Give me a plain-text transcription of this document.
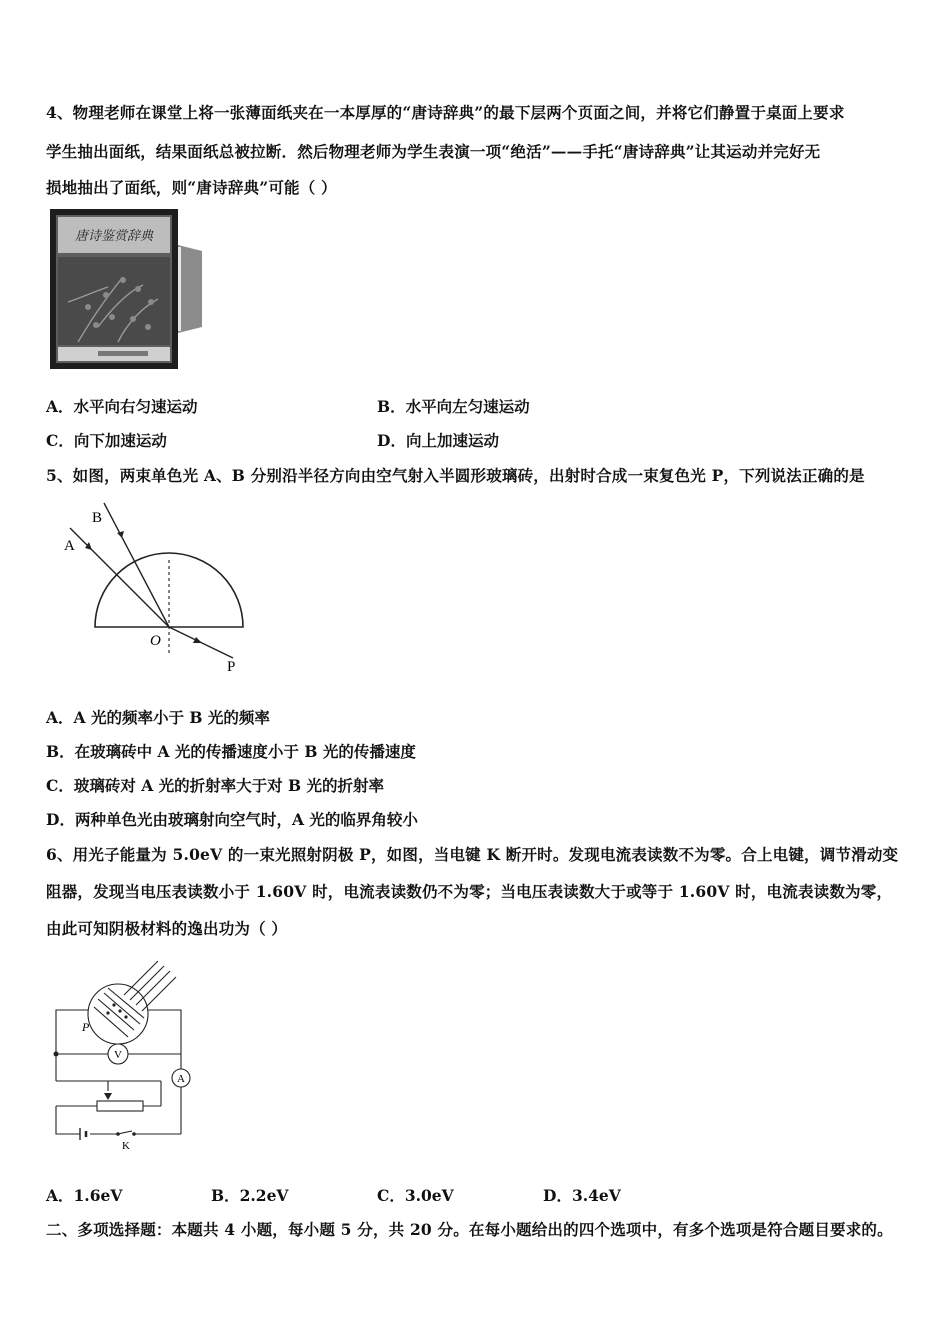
4、物理老师在课堂上将一张薄面纸夹在一本厚厚的“唐诗辞典”的最下层两个页面之间，并将它们静置于桌面上要求
学生抽出面纸，结果面纸总被拉断．然后物理老师为学生表演一项“绝活”——手托“唐诗辞典”让其运动并完好无
损地抽出了面纸，则“唐诗辞典”可能（ ）
唐诗鉴赏辞典
A．水平向右匀速运动	B．水平向左匀速运动
C．向下加速运动	D．向上加速运动
5、如图，两束单色光 A、B 分别沿半径方向由空气射入半圆形玻璃砖，出射时合成一束复色光 P，下列说法正确的是
A
B
O
P
A．A 光的频率小于 B 光的频率
B．在玻璃砖中 A 光的传播速度小于 B 光的传播速度
C．玻璃砖对 A 光的折射率大于对 B 光的折射率
D．两种单色光由玻璃射向空气时，A 光的临界角较小
6、用光子能量为 5.0eV 的一束光照射阴极 P，如图，当电键 K 断开时。发现电流表读数不为零。合上电键，调节滑动变
阻器，发现当电压表读数小于 1.60V 时，电流表读数仍不为零；当电压表读数大于或等于 1.60V 时，电流表读数为零，
由此可知阴极材料的逸出功为（ ）
P
V
A
K
A．1.6eV	B．2.2eV	C．3.0eV	D．3.4eV
二、多项选择题：本题共 4 小题，每小题 5 分，共 20 分。在每小题给出的四个选项中，有多个选项是符合题目要求的。
